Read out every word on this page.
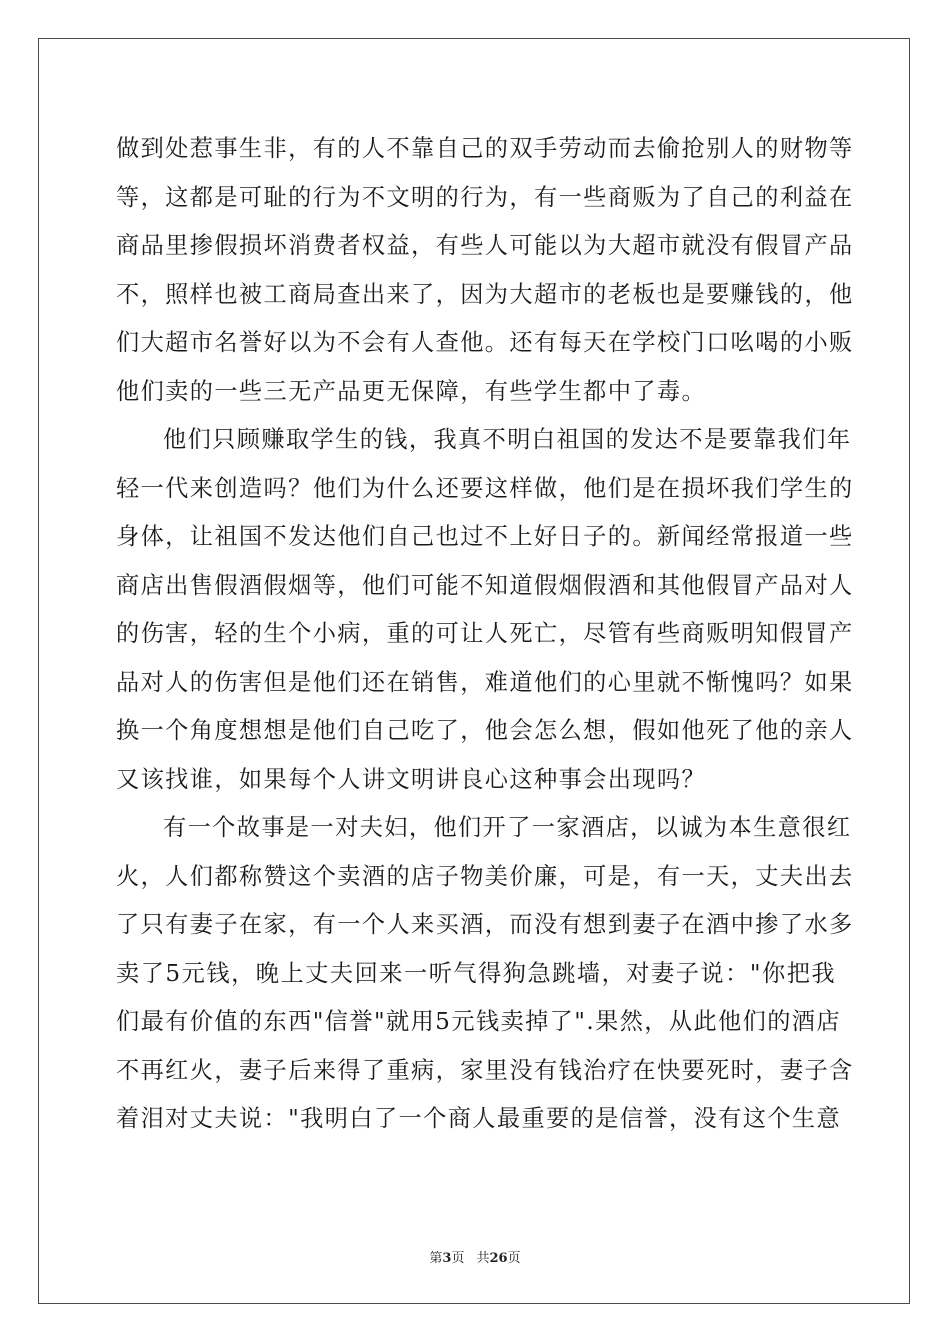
做到处惹事生非，有的人不靠自己的双手劳动而去偷抢别人的财物等
等，这都是可耻的行为不文明的行为，有一些商贩为了自己的利益在
商品里掺假损坏消费者权益，有些人可能以为大超市就没有假冒产品
不，照样也被工商局查出来了，因为大超市的老板也是要赚钱的，他
们大超市名誉好以为不会有人查他。还有每天在学校门口吆喝的小贩
他们卖的一些三无产品更无保障，有些学生都中了毒。
他们只顾赚取学生的钱，我真不明白祖国的发达不是要靠我们年
轻一代来创造吗？他们为什么还要这样做，他们是在损坏我们学生的
身体，让祖国不发达他们自己也过不上好日子的。新闻经常报道一些
商店出售假酒假烟等，他们可能不知道假烟假酒和其他假冒产品对人
的伤害，轻的生个小病，重的可让人死亡，尽管有些商贩明知假冒产
品对人的伤害但是他们还在销售，难道他们的心里就不惭愧吗？如果
换一个角度想想是他们自己吃了，他会怎么想，假如他死了他的亲人
又该找谁，如果每个人讲文明讲良心这种事会出现吗？
有一个故事是一对夫妇，他们开了一家酒店，以诚为本生意很红
火，人们都称赞这个卖酒的店子物美价廉，可是，有一天，丈夫出去
了只有妻子在家，有一个人来买酒，而没有想到妻子在酒中掺了水多
卖了5元钱，晚上丈夫回来一听气得狗急跳墙，对妻子说："你把我
们最有价值的东西"信誉"就用5元钱卖掉了".果然，从此他们的酒店
不再红火，妻子后来得了重病，家里没有钱治疗在快要死时，妻子含
着泪对丈夫说："我明白了一个商人最重要的是信誉，没有这个生意
第3页 共26页
